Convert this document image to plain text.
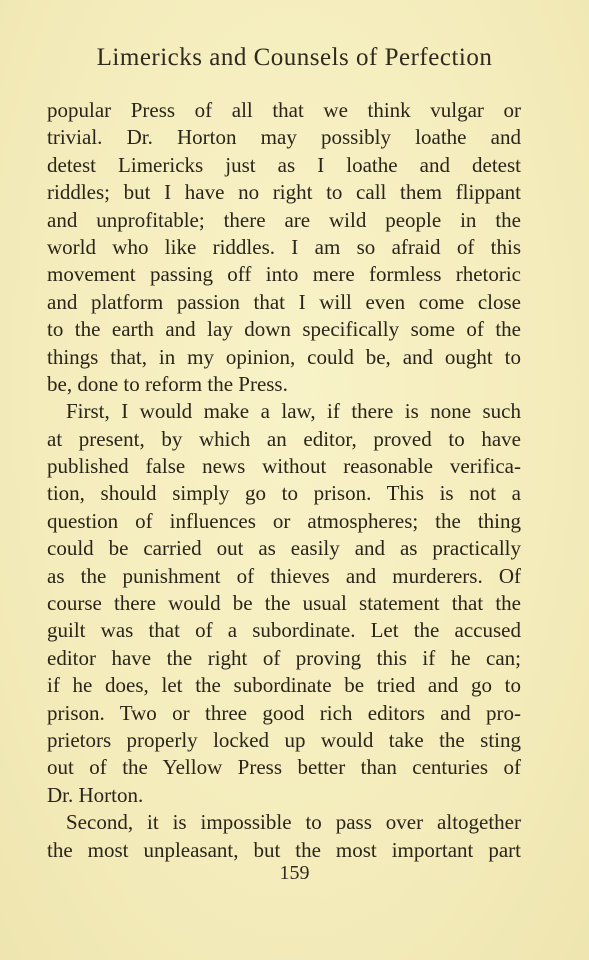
Limericks and Counsels of Perfection
popular Press of all that we think vulgar or
trivial. Dr. Horton may possibly loathe and
detest Limericks just as I loathe and detest
riddles; but I have no right to call them flippant
and unprofitable; there are wild people in the
world who like riddles. I am so afraid of this
movement passing off into mere formless rhetoric
and platform passion that I will even come close
to the earth and lay down specifically some of the
things that, in my opinion, could be, and ought to
be, done to reform the Press.
First, I would make a law, if there is none such
at present, by which an editor, proved to have
published false news without reasonable verifica-
tion, should simply go to prison. This is not a
question of influences or atmospheres; the thing
could be carried out as easily and as practically
as the punishment of thieves and murderers. Of
course there would be the usual statement that the
guilt was that of a subordinate. Let the accused
editor have the right of proving this if he can;
if he does, let the subordinate be tried and go to
prison. Two or three good rich editors and pro-
prietors properly locked up would take the sting
out of the Yellow Press better than centuries of
Dr. Horton.
Second, it is impossible to pass over altogether
the most unpleasant, but the most important part
159
